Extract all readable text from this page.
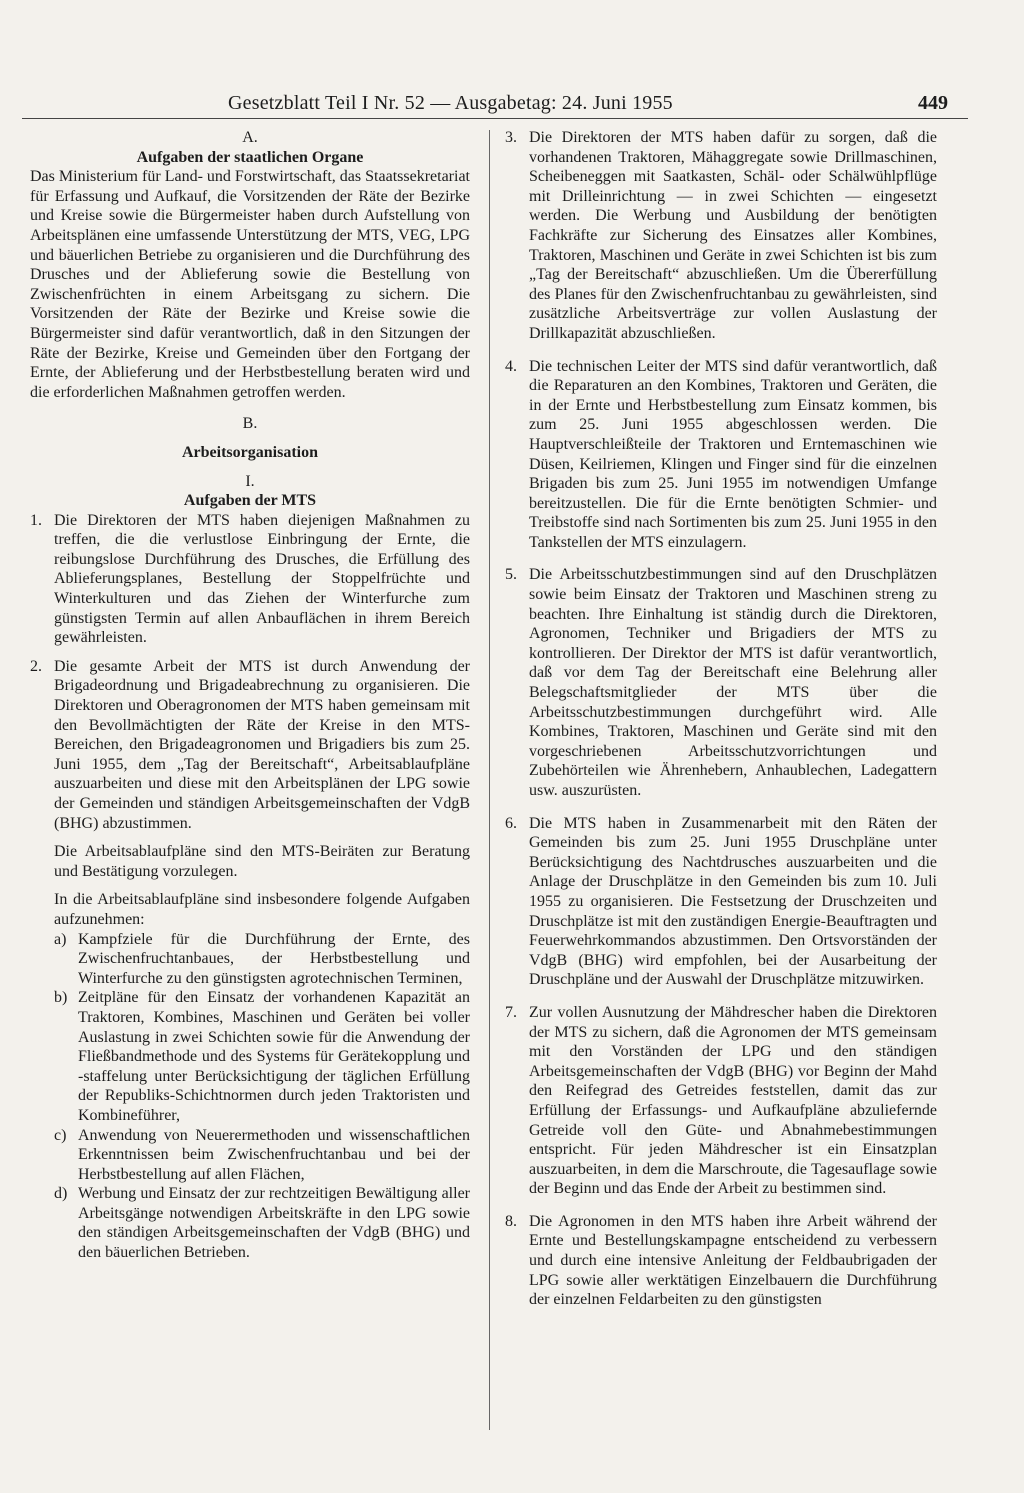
Gesetzblatt Teil I Nr. 52 — Ausgabetag: 24. Juni 1955	449

A.

Aufgaben der staatlichen Organe

Das Ministerium für Land- und Forstwirtschaft, das Staatssekretariat für Erfassung und Aufkauf, die Vorsitzenden der Räte der Bezirke und Kreise sowie die Bürgermeister haben durch Aufstellung von Arbeitsplänen eine umfassende Unterstützung der MTS, VEG, LPG und bäuerlichen Betriebe zu organisieren und die Durchführung des Drusches und der Ablieferung sowie die Bestellung von Zwischenfrüchten in einem Arbeitsgang zu sichern. Die Vorsitzenden der Räte der Bezirke und Kreise sowie die Bürgermeister sind dafür verantwortlich, daß in den Sitzungen der Räte der Bezirke, Kreise und Gemeinden über den Fortgang der Ernte, der Ablieferung und der Herbstbestellung beraten wird und die erforderlichen Maßnahmen getroffen werden.

B.

Arbeitsorganisation

I.

Aufgaben der MTS

1. Die Direktoren der MTS haben diejenigen Maßnahmen zu treffen, die die verlustlose Einbringung der Ernte, die reibungslose Durchführung des Drusches, die Erfüllung des Ablieferungsplanes, Bestellung der Stoppelfrüchte und Winterkulturen und das Ziehen der Winterfurche zum günstigsten Termin auf allen Anbauflächen in ihrem Bereich gewährleisten.
2. Die gesamte Arbeit der MTS ist durch Anwendung der Brigadeordnung und Brigadeabrechnung zu organisieren. Die Direktoren und Oberagronomen der MTS haben gemeinsam mit den Bevollmächtigten der Räte der Kreise in den MTS-Bereichen, den Brigadeagronomen und Brigadiers bis zum 25. Juni 1955, dem „Tag der Bereitschaft“, Arbeitsablaufpläne auszuarbeiten und diese mit den Arbeitsplänen der LPG sowie der Gemeinden und ständigen Arbeitsgemeinschaften der VdgB (BHG) abzustimmen.

Die Arbeitsablaufpläne sind den MTS-Beiräten zur Beratung und Bestätigung vorzulegen.

In die Arbeitsablaufpläne sind insbesondere folgende Aufgaben aufzunehmen:

a) Kampfziele für die Durchführung der Ernte, des Zwischenfruchtanbaues, der Herbstbestellung und Winterfurche zu den günstigsten agrotechnischen Terminen,
b) Zeitpläne für den Einsatz der vorhandenen Kapazität an Traktoren, Kombines, Maschinen und Geräten bei voller Auslastung in zwei Schichten sowie für die Anwendung der Fließbandmethode und des Systems für Gerätekopplung und -staffelung unter Berücksichtigung der täglichen Erfüllung der Republiks-Schichtnormen durch jeden Traktoristen und Kombineführer,
c) Anwendung von Neuerermethoden und wissenschaftlichen Erkenntnissen beim Zwischenfruchtanbau und bei der Herbstbestellung auf allen Flächen,
d) Werbung und Einsatz der zur rechtzeitigen Bewältigung aller Arbeitsgänge notwendigen Arbeitskräfte in den LPG sowie den ständigen Arbeitsgemeinschaften der VdgB (BHG) und den bäuerlichen Betrieben.
3. Die Direktoren der MTS haben dafür zu sorgen, daß die vorhandenen Traktoren, Mähaggregate sowie Drillmaschinen, Scheibeneggen mit Saatkasten, Schäl- oder Schälwühlpflüge mit Drilleinrichtung — in zwei Schichten — eingesetzt werden. Die Werbung und Ausbildung der benötigten Fachkräfte zur Sicherung des Einsatzes aller Kombines, Traktoren, Maschinen und Geräte in zwei Schichten ist bis zum „Tag der Bereitschaft“ abzuschließen. Um die Übererfüllung des Planes für den Zwischenfruchtanbau zu gewährleisten, sind zusätzliche Arbeitsverträge zur vollen Auslastung der Drillkapazität abzuschließen.
4. Die technischen Leiter der MTS sind dafür verantwortlich, daß die Reparaturen an den Kombines, Traktoren und Geräten, die in der Ernte und Herbstbestellung zum Einsatz kommen, bis zum 25. Juni 1955 abgeschlossen werden. Die Hauptverschleißteile der Traktoren und Erntemaschinen wie Düsen, Keilriemen, Klingen und Finger sind für die einzelnen Brigaden bis zum 25. Juni 1955 im notwendigen Umfange bereitzustellen. Die für die Ernte benötigten Schmier- und Treibstoffe sind nach Sortimenten bis zum 25. Juni 1955 in den Tankstellen der MTS einzulagern.
5. Die Arbeitsschutzbestimmungen sind auf den Druschplätzen sowie beim Einsatz der Traktoren und Maschinen streng zu beachten. Ihre Einhaltung ist ständig durch die Direktoren, Agronomen, Techniker und Brigadiers der MTS zu kontrollieren. Der Direktor der MTS ist dafür verantwortlich, daß vor dem Tag der Bereitschaft eine Belehrung aller Belegschaftsmitglieder der MTS über die Arbeitsschutzbestimmungen durchgeführt wird. Alle Kombines, Traktoren, Maschinen und Geräte sind mit den vorgeschriebenen Arbeitsschutzvorrichtungen und Zubehörteilen wie Ährenhebern, Anhaublechen, Ladegattern usw. auszurüsten.
6. Die MTS haben in Zusammenarbeit mit den Räten der Gemeinden bis zum 25. Juni 1955 Druschpläne unter Berücksichtigung des Nachtdrusches auszuarbeiten und die Anlage der Druschplätze in den Gemeinden bis zum 10. Juli 1955 zu organisieren. Die Festsetzung der Druschzeiten und Druschplätze ist mit den zuständigen Energie-Beauftragten und Feuerwehrkommandos abzustimmen. Den Ortsvorständen der VdgB (BHG) wird empfohlen, bei der Ausarbeitung der Druschpläne und der Auswahl der Druschplätze mitzuwirken.
7. Zur vollen Ausnutzung der Mähdrescher haben die Direktoren der MTS zu sichern, daß die Agronomen der MTS gemeinsam mit den Vorständen der LPG und den ständigen Arbeitsgemeinschaften der VdgB (BHG) vor Beginn der Mahd den Reifegrad des Getreides feststellen, damit das zur Erfüllung der Erfassungs- und Aufkaufpläne abzuliefernde Getreide voll den Güte- und Abnahmebestimmungen entspricht. Für jeden Mähdrescher ist ein Einsatzplan auszuarbeiten, in dem die Marschroute, die Tagesauflage sowie der Beginn und das Ende der Arbeit zu bestimmen sind.
8. Die Agronomen in den MTS haben ihre Arbeit während der Ernte und Bestellungskampagne entscheidend zu verbessern und durch eine intensive Anleitung der Feldbaubrigaden der LPG sowie aller werktätigen Einzelbauern die Durchführung der einzelnen Feldarbeiten zu den günstigsten
